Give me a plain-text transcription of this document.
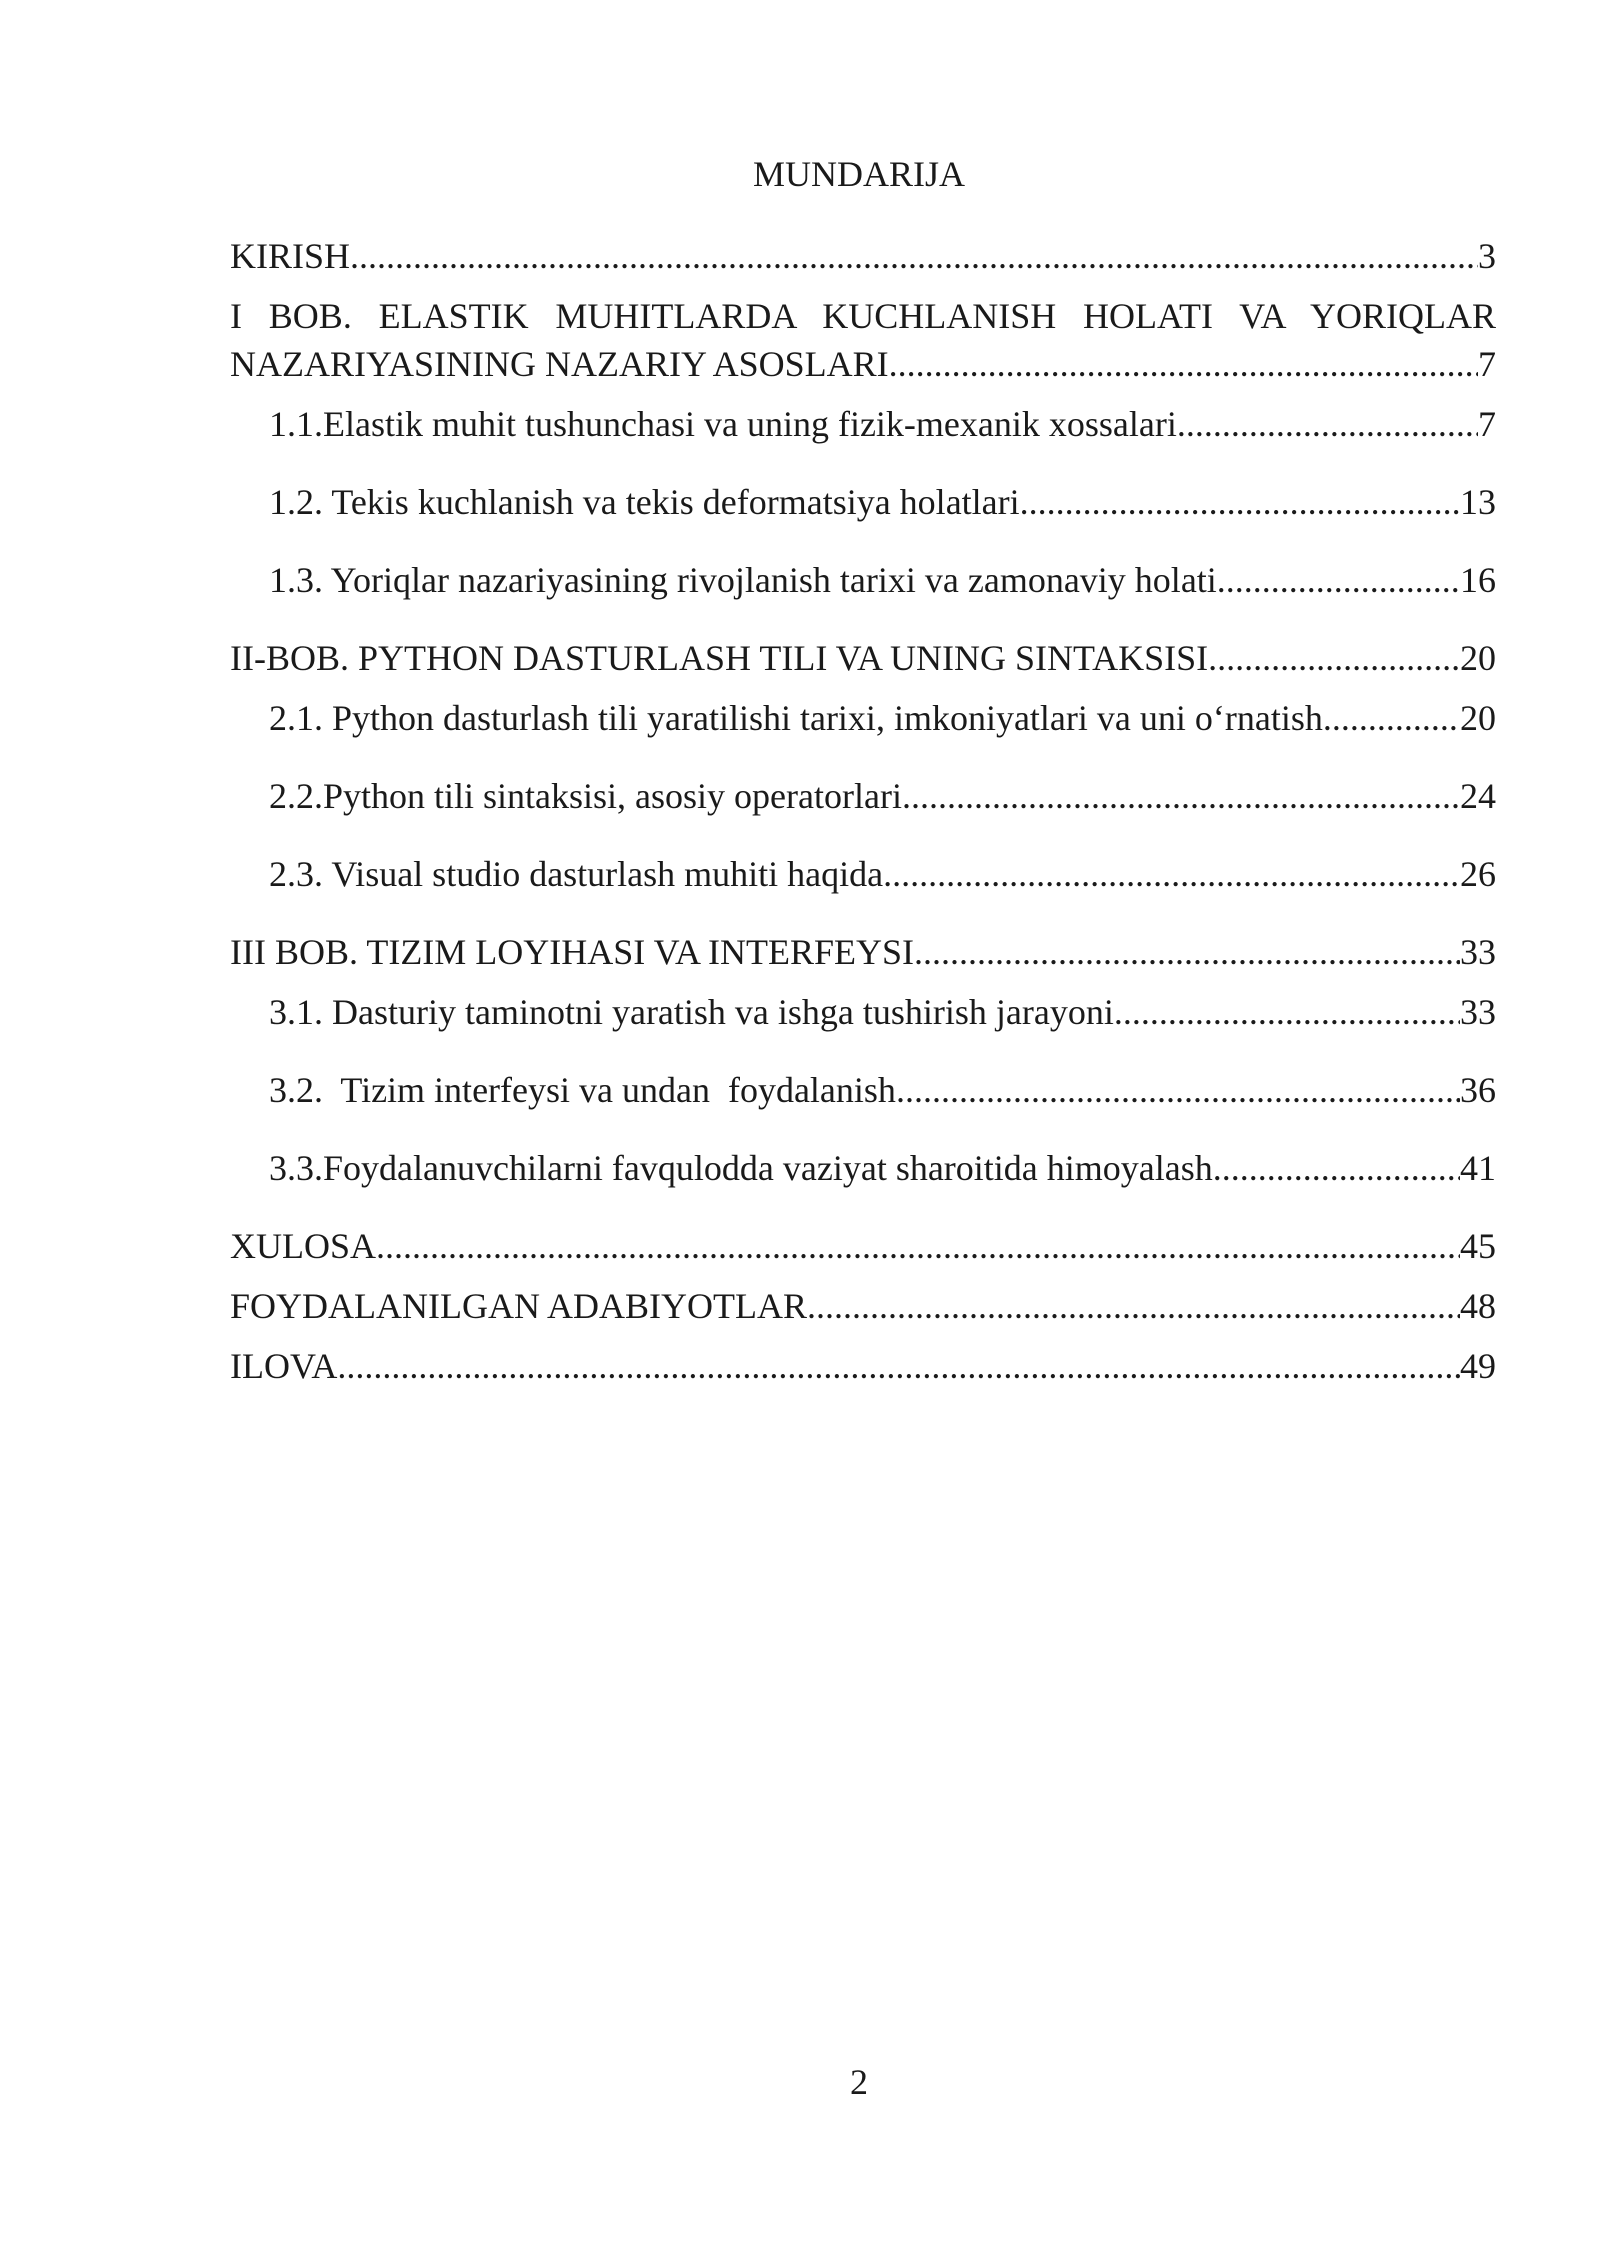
MUNDARIJA
KIRISH .....	3
I BOB. ELASTIK MUHITLARDA KUCHLANISH HOLATI VA YORIQLAR
NAZARIYASINING NAZARIY ASOSLARI .....	7
1.1.Elastik muhit tushunchasi va uning fizik-mexanik xossalari .....	7
1.2. Tekis kuchlanish va tekis deformatsiya holatlari .....	13
1.3. Yoriqlar nazariyasining rivojlanish tarixi va zamonaviy holati .....	16
II-BOB. PYTHON DASTURLASH TILI VA UNING SINTAKSISI .....	20
2.1. Python dasturlash tili yaratilishi tarixi, imkoniyatlari va uni o‘rnatish .....	20
2.2.Python tili sintaksisi, asosiy operatorlari .....	24
2.3. Visual studio dasturlash muhiti haqida .....	26
III BOB. TIZIM LOYIHASI VA INTERFEYSI .....	33
3.1. Dasturiy taminotni yaratish va ishga tushirish jarayoni .....	33
3.2.  Tizim interfeysi va undan  foydalanish .....	36
3.3.Foydalanuvchilarni favqulodda vaziyat sharoitida himoyalash .....	41
XULOSA .....	45
FOYDALANILGAN ADABIYOTLAR .....	48
ILOVA .....	49
2
